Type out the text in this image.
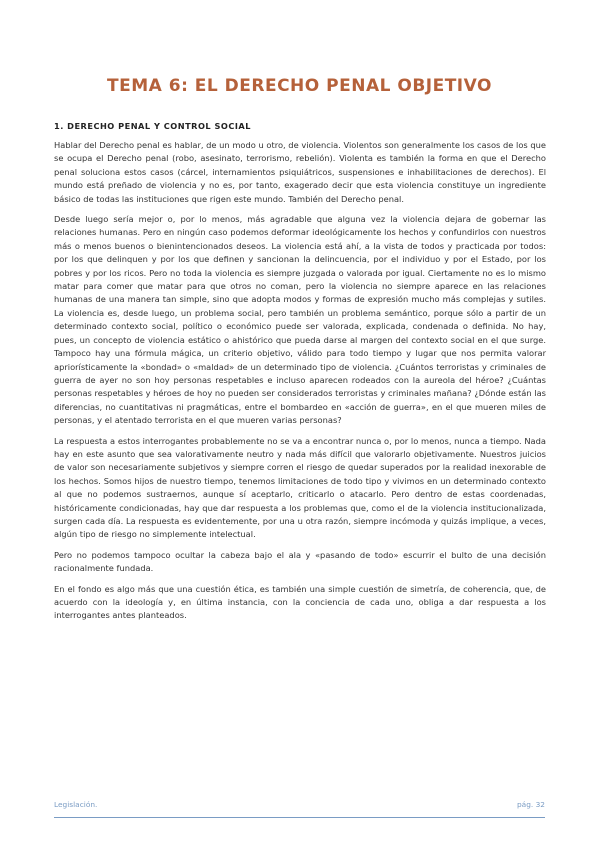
TEMA 6: EL DERECHO PENAL OBJETIVO
1. DERECHO PENAL Y CONTROL SOCIAL

Hablar del Derecho penal es hablar, de un modo u otro, de violencia. Violentos son generalmente los casos de los que se ocupa el Derecho penal (robo, asesinato, terrorismo, rebelión). Violenta es también la forma en que el Derecho penal soluciona estos casos (cárcel, internamientos psiquiátricos, suspensiones e inhabilitaciones de derechos). El mundo está preñado de violencia y no es, por tanto, exagerado decir que esta violencia constituye un ingrediente básico de todas las instituciones que rigen este mundo. También del Derecho penal.

Desde luego sería mejor o, por lo menos, más agradable que alguna vez la violencia dejara de gobernar las relaciones humanas. Pero en ningún caso podemos deformar ideológicamente los hechos y confundirlos con nuestros más o menos buenos o bienintencionados deseos. La violencia está ahí, a la vista de todos y practicada por todos: por los que delinquen y por los que definen y sancionan la delincuencia, por el individuo y por el Estado, por los pobres y por los ricos. Pero no toda la violencia es siempre juzgada o valorada por igual. Ciertamente no es lo mismo matar para comer que matar para que otros no coman, pero la violencia no siempre aparece en las relaciones humanas de una manera tan simple, sino que adopta modos y formas de expresión mucho más complejas y sutiles. La violencia es, desde luego, un problema social, pero también un problema semántico, porque sólo a partir de un determinado contexto social, político o económico puede ser valorada, explicada, condenada o definida. No hay, pues, un concepto de violencia estático o ahistórico que pueda darse al margen del contexto social en el que surge. Tampoco hay una fórmula mágica, un criterio objetivo, válido para todo tiempo y lugar que nos permita valorar apriorísticamente la «bondad» o «maldad» de un determinado tipo de violencia. ¿Cuántos terroristas y criminales de guerra de ayer no son hoy personas respetables e incluso aparecen rodeados con la aureola del héroe? ¿Cuántas personas respetables y héroes de hoy no pueden ser considerados terroristas y criminales mañana? ¿Dónde están las diferencias, no cuantitativas ni pragmáticas, entre el bombardeo en «acción de guerra», en el que mueren miles de personas, y el atentado terrorista en el que mueren varias personas?

La respuesta a estos interrogantes probablemente no se va a encontrar nunca o, por lo menos, nunca a tiempo. Nada hay en este asunto que sea valorativamente neutro y nada más difícil que valorarlo objetivamente. Nuestros juicios de valor son necesariamente subjetivos y siempre corren el riesgo de quedar superados por la realidad inexorable de los hechos. Somos hijos de nuestro tiempo, tenemos limitaciones de todo tipo y vivimos en un determinado contexto al que no podemos sustraernos, aunque sí aceptarlo, criticarlo o atacarlo. Pero dentro de estas coordenadas, históricamente condicionadas, hay que dar respuesta a los problemas que, como el de la violencia institucionalizada, surgen cada día. La respuesta es evidentemente, por una u otra razón, siempre incómoda y quizás implique, a veces, algún tipo de riesgo no simplemente intelectual.

Pero no podemos tampoco ocultar la cabeza bajo el ala y «pasando de todo» escurrir el bulto de una decisión racionalmente fundada.

En el fondo es algo más que una cuestión ética, es también una simple cuestión de simetría, de coherencia, que, de acuerdo con la ideología y, en última instancia, con la conciencia de cada uno, obliga a dar respuesta a los interrogantes antes planteados.

Legislación.	pág. 32
